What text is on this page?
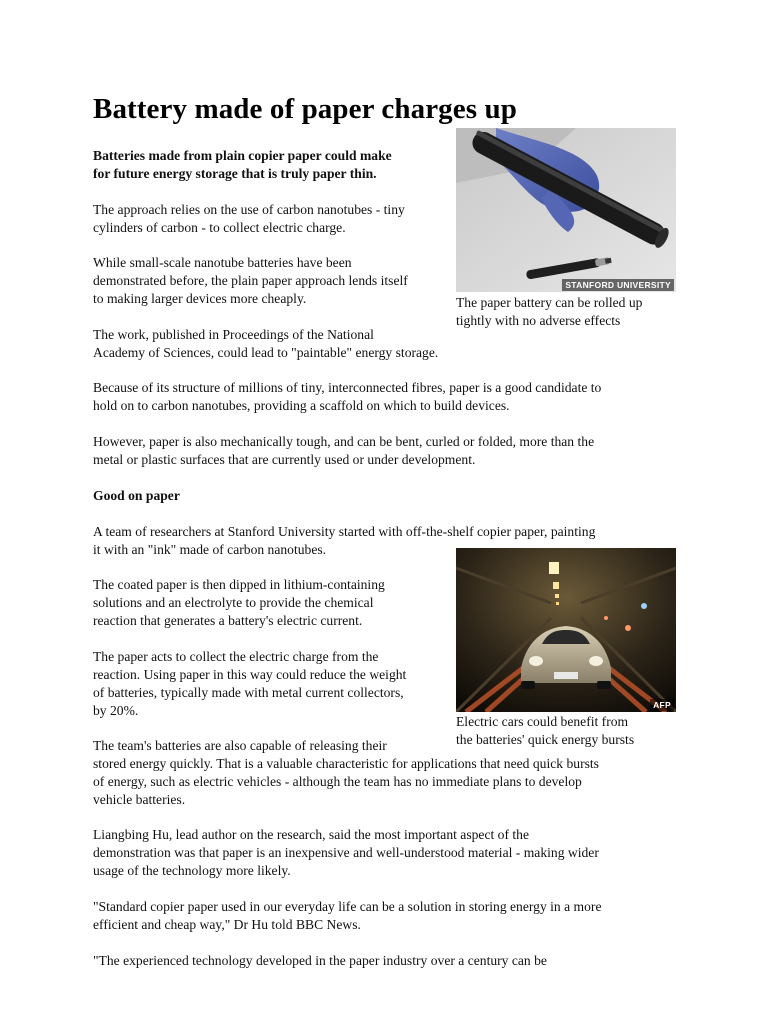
Battery made of paper charges up

Batteries made from plain copier paper could make

for future energy storage that is truly paper thin.

The approach relies on the use of carbon nanotubes - tiny

cylinders of carbon - to collect electric charge.

While small-scale nanotube batteries have been

demonstrated before, the plain paper approach lends itself

to making larger devices more cheaply.

The work, published in Proceedings of the National

Academy of Sciences, could lead to "paintable" energy storage.

Because of its structure of millions of tiny, interconnected fibres, paper is a good candidate to

hold on to carbon nanotubes, providing a scaffold on which to build devices.

However, paper is also mechanically tough, and can be bent, curled or folded, more than the

metal or plastic surfaces that are currently used or under development.

Good on paper

A team of researchers at Stanford University started with off-the-shelf copier paper, painting

it with an "ink" made of carbon nanotubes.

The coated paper is then dipped in lithium-containing

solutions and an electrolyte to provide the chemical

reaction that generates a battery's electric current.

The paper acts to collect the electric charge from the

reaction. Using paper in this way could reduce the weight

of batteries, typically made with metal current collectors,

by 20%.

The team's batteries are also capable of releasing their

stored energy quickly. That is a valuable characteristic for applications that need quick bursts

of energy, such as electric vehicles - although the team has no immediate plans to develop

vehicle batteries.

Liangbing Hu, lead author on the research, said the most important aspect of the

demonstration was that paper is an inexpensive and well-understood material - making wider

usage of the technology more likely.

"Standard copier paper used in our everyday life can be a solution in storing energy in a more

efficient and cheap way," Dr Hu told BBC News.

"The experienced technology developed in the paper industry over a century can be

STANFORD UNIVERSITY

The paper battery can be rolled up

tightly with no adverse effects

AFP

Electric cars could benefit from

the batteries' quick energy bursts
